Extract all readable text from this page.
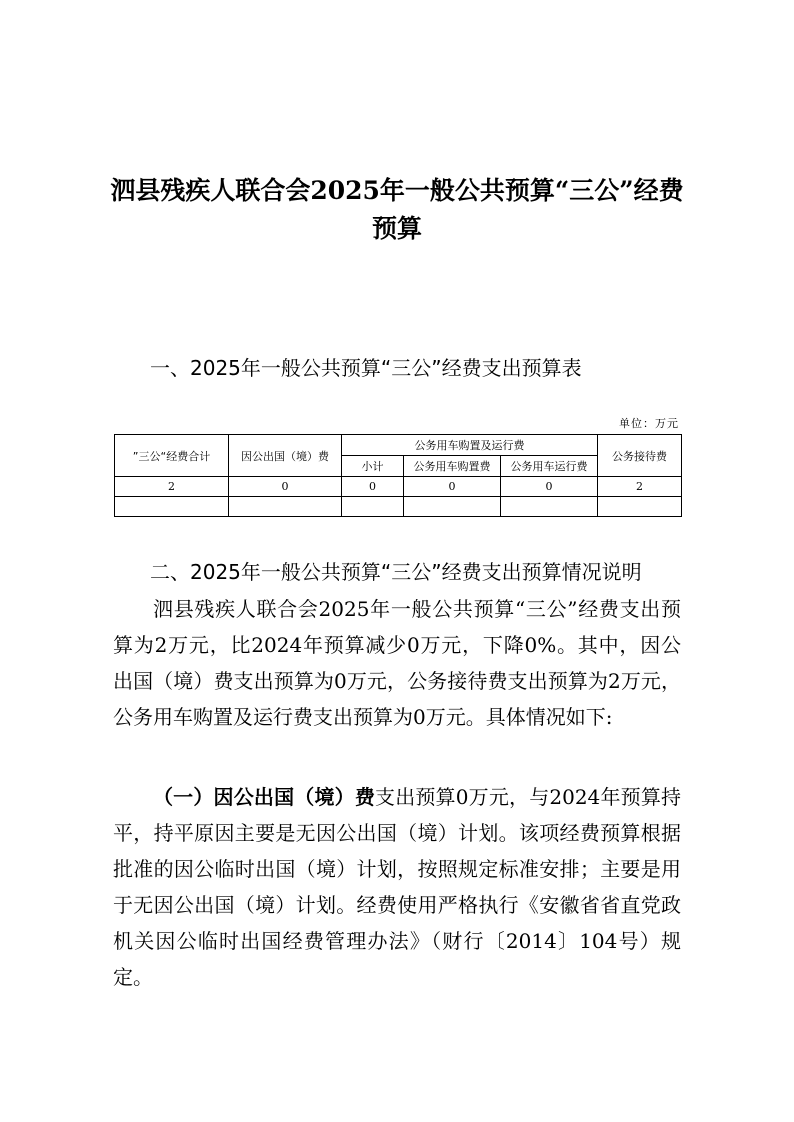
泗县残疾人联合会2025年一般公共预算“三公”经费预算
一、2025年一般公共预算“三公”经费支出预算表
单位：万元
”三公“经费合计	因公出国（境）费	公务用车购置及运行费			公务接待费
		小计	公务用车购置费	公务用车运行费	
2	0	0	0	0	2

二、2025年一般公共预算“三公”经费支出预算情况说明
泗县残疾人联合会2025年一般公共预算“三公”经费支出预算为2万元，比2024年预算减少0万元，下降0%。其中，因公出国（境）费支出预算为0万元，公务接待费支出预算为2万元，公务用车购置及运行费支出预算为0万元。具体情况如下:
（一）因公出国（境）费支出预算0万元，与2024年预算持平，持平原因主要是无因公出国（境）计划。该项经费预算根据批准的因公临时出国（境）计划，按照规定标准安排；主要是用于无因公出国（境）计划。经费使用严格执行《安徽省省直党政机关因公临时出国经费管理办法》（财行〔2014〕104号）规定。
